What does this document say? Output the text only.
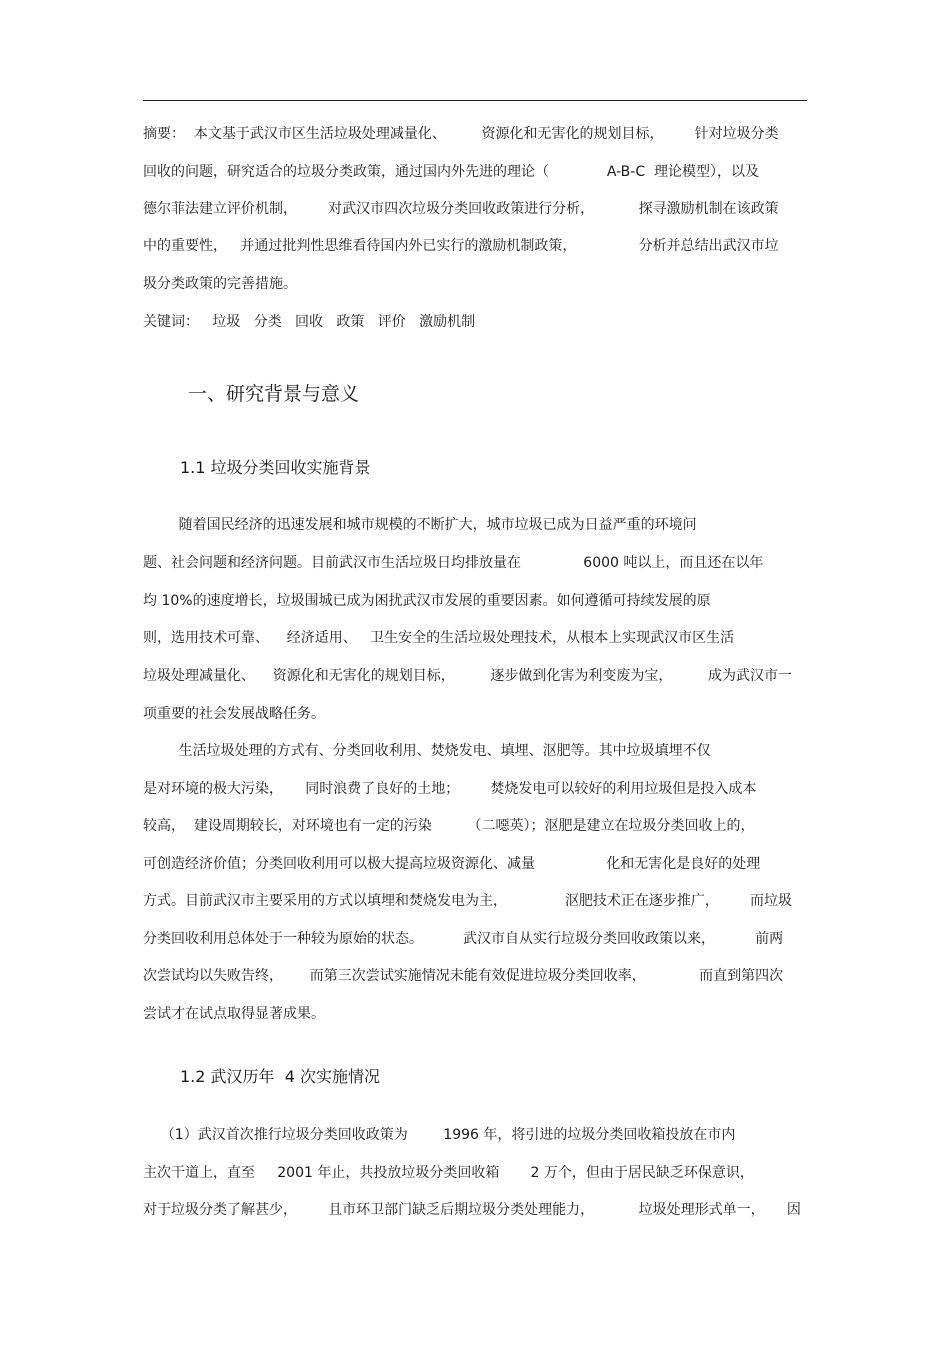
摘要：  本文基于武汉市区生活垃圾处理减量化、        资源化和无害化的规划目标，       针对垃圾分类
回收的问题，研究适合的垃圾分类政策，通过国内外先进的理论（             A-B-C  理论模型），以及
德尔菲法建立评价机制，       对武汉市四次垃圾分类回收政策进行分析，          探寻激励机制在该政策
中的重要性，   并通过批判性思维看待国内外已实行的激励机制政策，              分析并总结出武汉市垃
圾分类政策的完善措施。
关键词：   垃圾   分类   回收   政策   评价   激励机制
一、研究背景与意义
1.1 垃圾分类回收实施背景
随着国民经济的迅速发展和城市规模的不断扩大，城市垃圾已成为日益严重的环境问
题、社会问题和经济问题。目前武汉市生活垃圾日均排放量在              6000 吨以上，而且还在以年
均 10%的速度增长，垃圾围城已成为困扰武汉市发展的重要因素。如何遵循可持续发展的原
则，选用技术可靠、    经济适用、   卫生安全的生活垃圾处理技术，从根本上实现武汉市区生活
垃圾处理减量化、    资源化和无害化的规划目标，        逐步做到化害为利变废为宝，        成为武汉市一
项重要的社会发展战略任务。
生活垃圾处理的方式有、分类回收利用、焚烧发电、填埋、沤肥等。其中垃圾填埋不仅
是对环境的极大污染，     同时浪费了良好的土地；       焚烧发电可以较好的利用垃圾但是投入成本
较高，  建设周期较长，对环境也有一定的污染        （二噁英）；沤肥是建立在垃圾分类回收上的，
可创造经济价值；分类回收利用可以极大提高垃圾资源化、减量                化和无害化是良好的处理
方式。目前武汉市主要采用的方式以填埋和焚烧发电为主，             沤肥技术正在逐步推广，       而垃圾
分类回收利用总体处于一种较为原始的状态。         武汉市自从实行垃圾分类回收政策以来，         前两
次尝试均以失败告终，      而第三次尝试实施情况未能有效促进垃圾分类回收率，            而直到第四次
尝试才在试点取得显著成果。
1.2 武汉历年  4 次实施情况
（1）武汉首次推行垃圾分类回收政策为        1996 年，将引进的垃圾分类回收箱投放在市内
主次干道上，直至     2001 年止，共投放垃圾分类回收箱       2 万个，但由于居民缺乏环保意识，
对于垃圾分类了解甚少，       且市环卫部门缺乏后期垃圾分类处理能力，          垃圾处理形式单一，     因
